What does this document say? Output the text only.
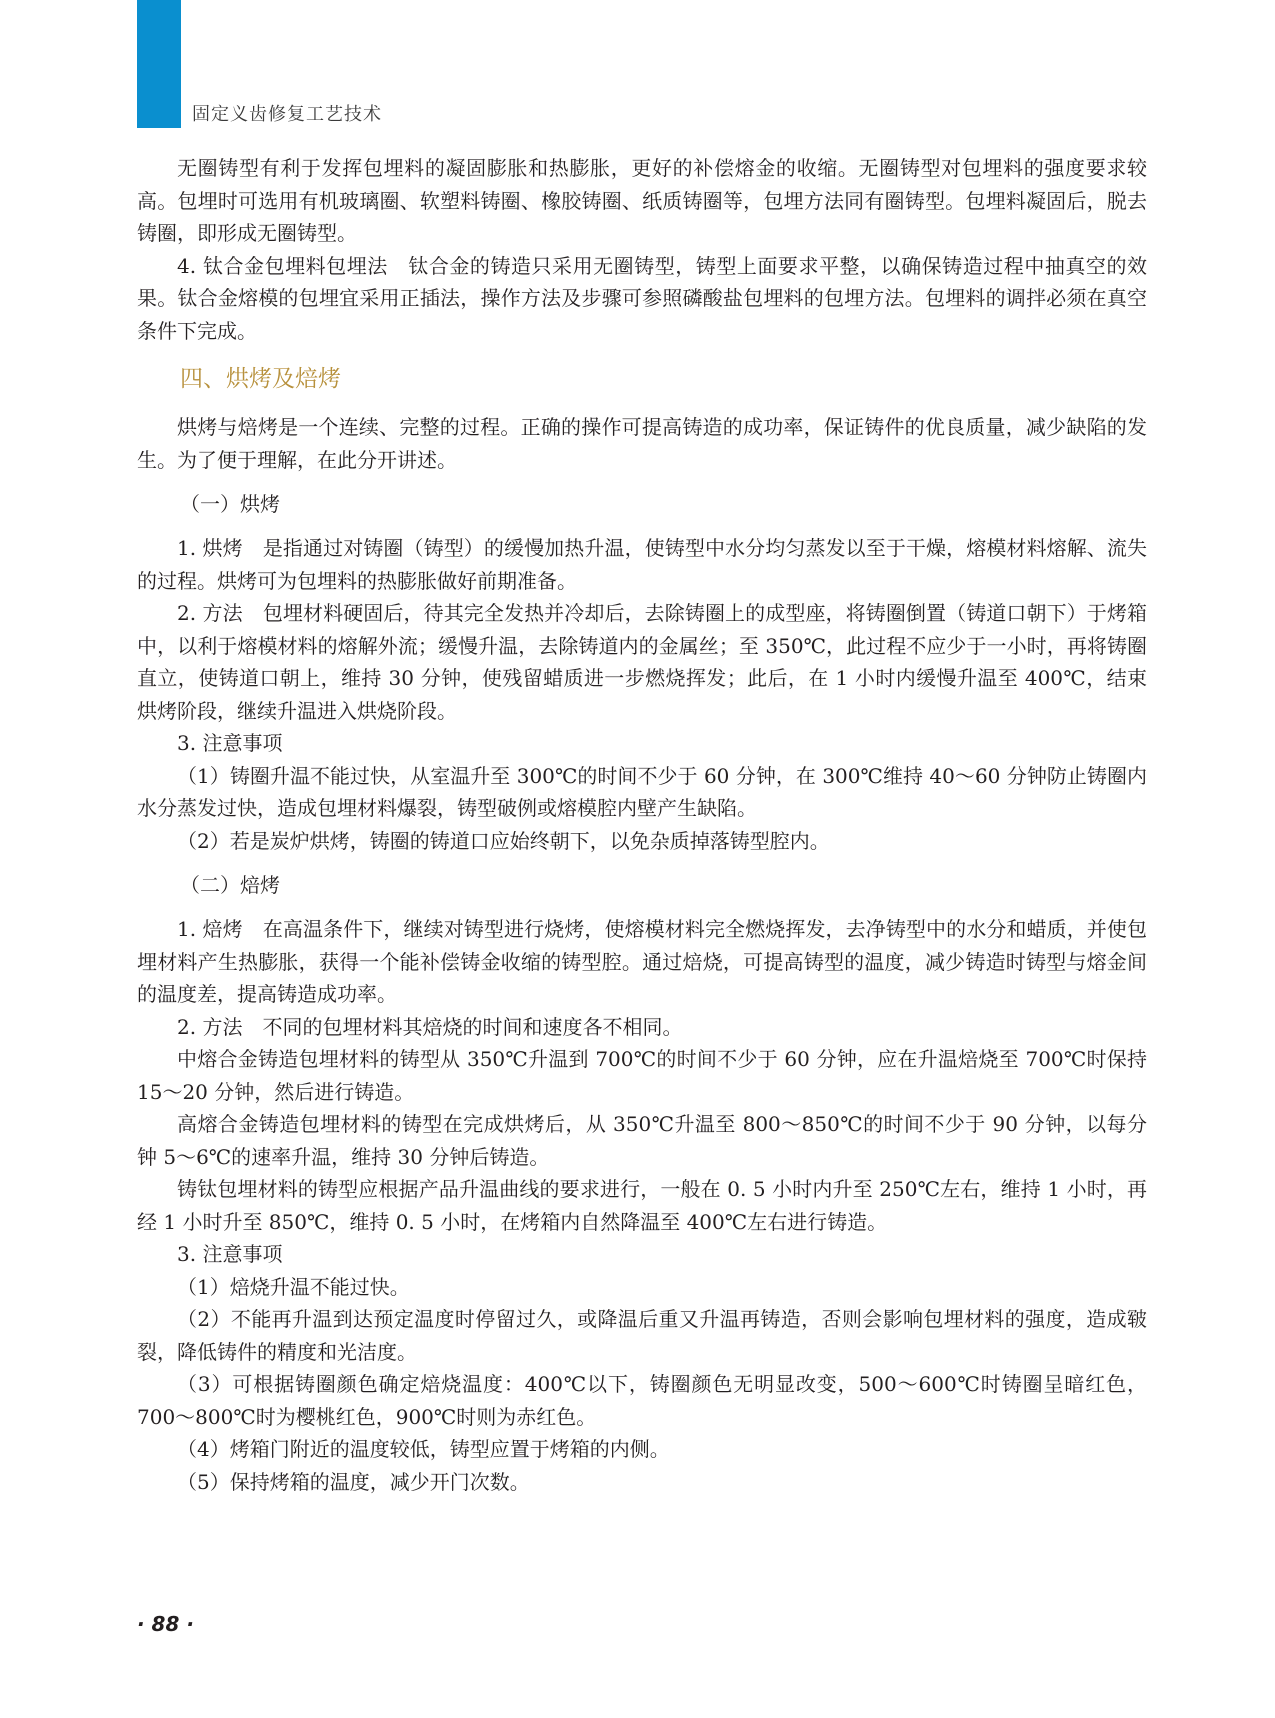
固定义齿修复工艺技术

无圈铸型有利于发挥包埋料的凝固膨胀和热膨胀，更好的补偿熔金的收缩。无圈铸型对包埋料的强度要求较高。包埋时可选用有机玻璃圈、软塑料铸圈、橡胶铸圈、纸质铸圈等，包埋方法同有圈铸型。包埋料凝固后，脱去铸圈，即形成无圈铸型。

4. 钛合金包埋料包埋法　钛合金的铸造只采用无圈铸型，铸型上面要求平整，以确保铸造过程中抽真空的效果。钛合金熔模的包埋宜采用正插法，操作方法及步骤可参照磷酸盐包埋料的包埋方法。包埋料的调拌必须在真空条件下完成。

四、烘烤及焙烤

烘烤与焙烤是一个连续、完整的过程。正确的操作可提高铸造的成功率，保证铸件的优良质量，减少缺陷的发生。为了便于理解，在此分开讲述。

（一）烘烤

1. 烘烤　是指通过对铸圈（铸型）的缓慢加热升温，使铸型中水分均匀蒸发以至于干燥，熔模材料熔解、流失的过程。烘烤可为包埋料的热膨胀做好前期准备。

2. 方法　包埋材料硬固后，待其完全发热并冷却后，去除铸圈上的成型座，将铸圈倒置（铸道口朝下）于烤箱中，以利于熔模材料的熔解外流；缓慢升温，去除铸道内的金属丝；至 350℃，此过程不应少于一小时，再将铸圈直立，使铸道口朝上，维持 30 分钟，使残留蜡质进一步燃烧挥发；此后，在 1 小时内缓慢升温至 400℃，结束烘烤阶段，继续升温进入烘烧阶段。

3. 注意事项

（1）铸圈升温不能过快，从室温升至 300℃的时间不少于 60 分钟，在 300℃维持 40～60 分钟防止铸圈内水分蒸发过快，造成包埋材料爆裂，铸型破例或熔模腔内壁产生缺陷。

（2）若是炭炉烘烤，铸圈的铸道口应始终朝下，以免杂质掉落铸型腔内。

（二）焙烤

1. 焙烤　在高温条件下，继续对铸型进行烧烤，使熔模材料完全燃烧挥发，去净铸型中的水分和蜡质，并使包埋材料产生热膨胀，获得一个能补偿铸金收缩的铸型腔。通过焙烧，可提高铸型的温度，减少铸造时铸型与熔金间的温度差，提高铸造成功率。

2. 方法　不同的包埋材料其焙烧的时间和速度各不相同。

中熔合金铸造包埋材料的铸型从 350℃升温到 700℃的时间不少于 60 分钟，应在升温焙烧至 700℃时保持 15～20 分钟，然后进行铸造。

高熔合金铸造包埋材料的铸型在完成烘烤后，从 350℃升温至 800～850℃的时间不少于 90 分钟，以每分钟 5～6℃的速率升温，维持 30 分钟后铸造。

铸钛包埋材料的铸型应根据产品升温曲线的要求进行，一般在 0. 5 小时内升至 250℃左右，维持 1 小时，再经 1 小时升至 850℃，维持 0. 5 小时，在烤箱内自然降温至 400℃左右进行铸造。

3. 注意事项

（1）焙烧升温不能过快。

（2）不能再升温到达预定温度时停留过久，或降温后重又升温再铸造，否则会影响包埋材料的强度，造成皲裂，降低铸件的精度和光洁度。

（3）可根据铸圈颜色确定焙烧温度：400℃以下，铸圈颜色无明显改变，500～600℃时铸圈呈暗红色，700～800℃时为樱桃红色，900℃时则为赤红色。

（4）烤箱门附近的温度较低，铸型应置于烤箱的内侧。

（5）保持烤箱的温度，减少开门次数。

· 88 ·
